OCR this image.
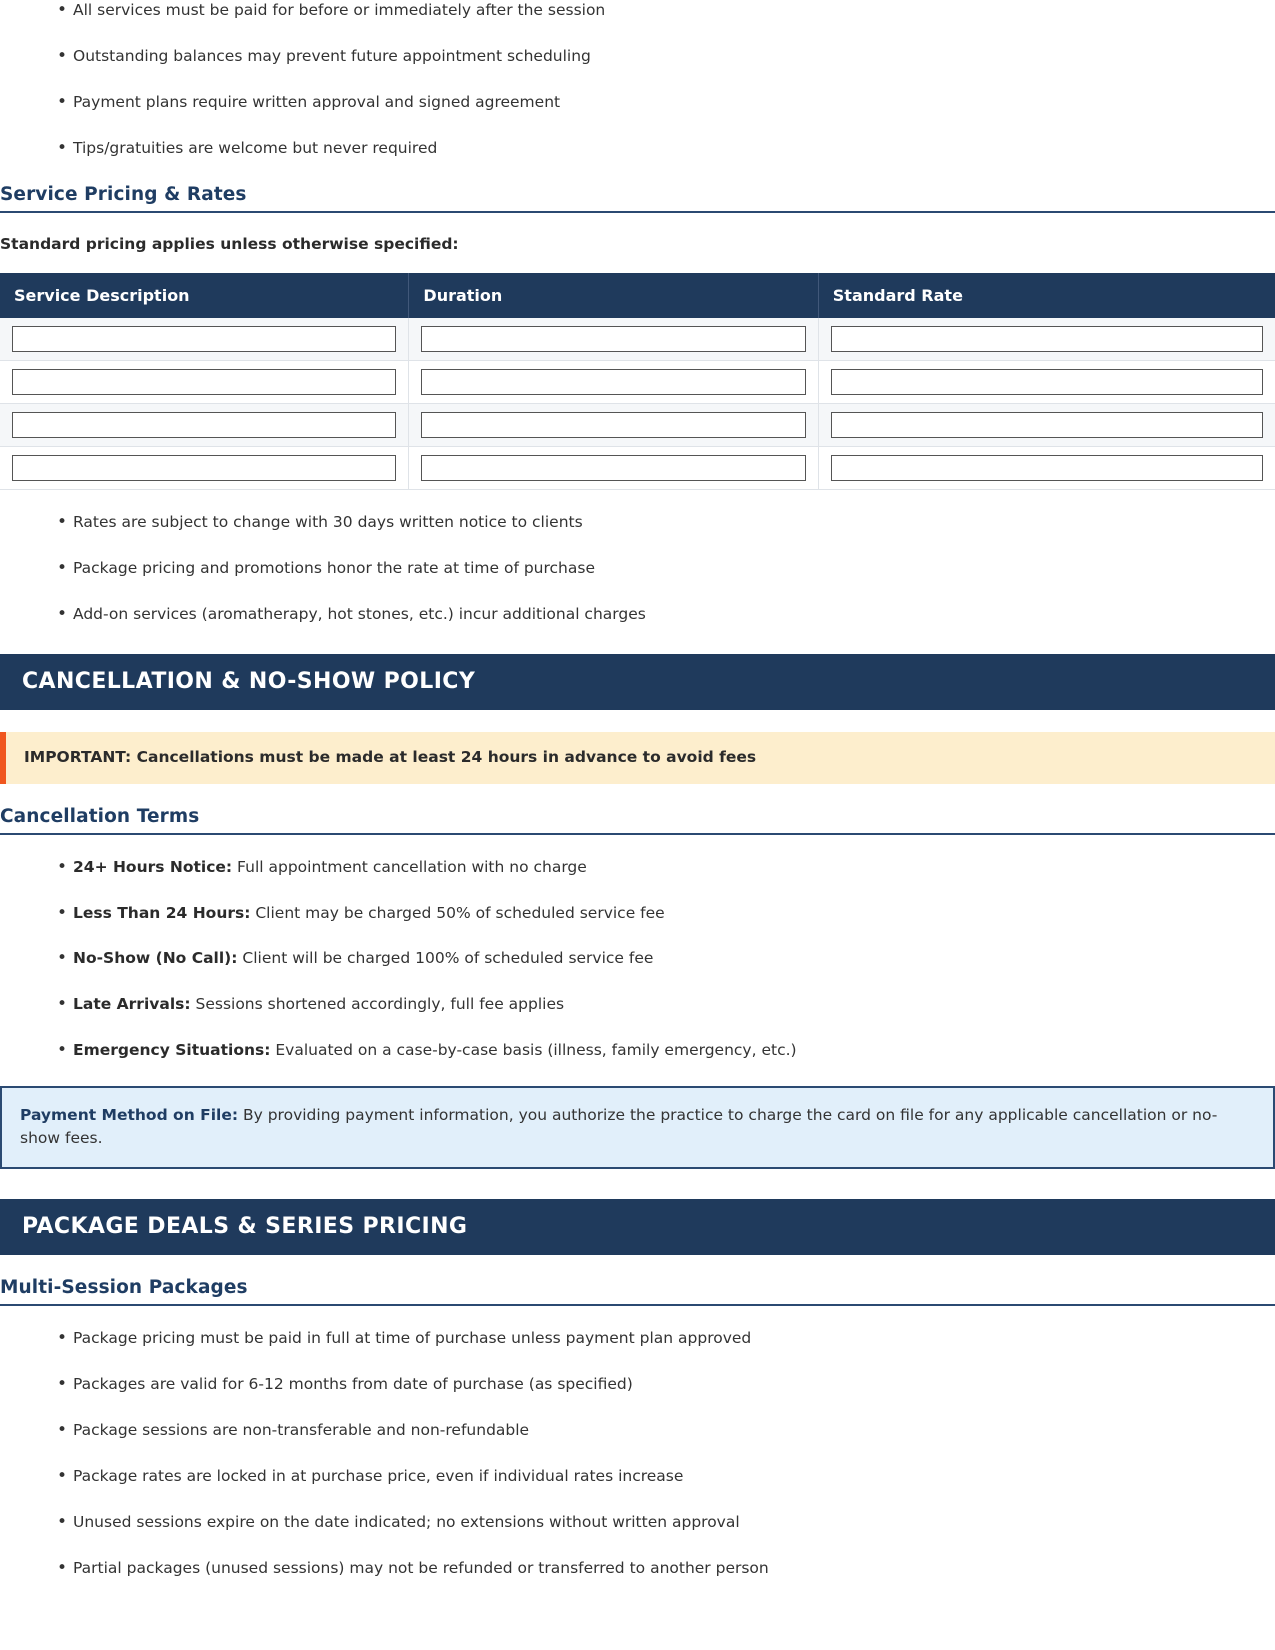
• All services must be paid for before or immediately after the session
• Outstanding balances may prevent future appointment scheduling
• Payment plans require written approval and signed agreement
• Tips/gratuities are welcome but never required
Service Pricing & Rates
Standard pricing applies unless otherwise specified:
Service Description	Duration	Standard Rate

• Rates are subject to change with 30 days written notice to clients
• Package pricing and promotions honor the rate at time of purchase
• Add-on services (aromatherapy, hot stones, etc.) incur additional charges
CANCELLATION & NO-SHOW POLICY
IMPORTANT: Cancellations must be made at least 24 hours in advance to avoid fees
Cancellation Terms
• 24+ Hours Notice: Full appointment cancellation with no charge
• Less Than 24 Hours: Client may be charged 50% of scheduled service fee
• No-Show (No Call): Client will be charged 100% of scheduled service fee
• Late Arrivals: Sessions shortened accordingly, full fee applies
• Emergency Situations: Evaluated on a case-by-case basis (illness, family emergency, etc.)
Payment Method on File: By providing payment information, you authorize the practice to charge the card on file for any applicable cancellation or no-show fees.
PACKAGE DEALS & SERIES PRICING
Multi-Session Packages
• Package pricing must be paid in full at time of purchase unless payment plan approved
• Packages are valid for 6-12 months from date of purchase (as specified)
• Package sessions are non-transferable and non-refundable
• Package rates are locked in at purchase price, even if individual rates increase
• Unused sessions expire on the date indicated; no extensions without written approval
• Partial packages (unused sessions) may not be refunded or transferred to another person
